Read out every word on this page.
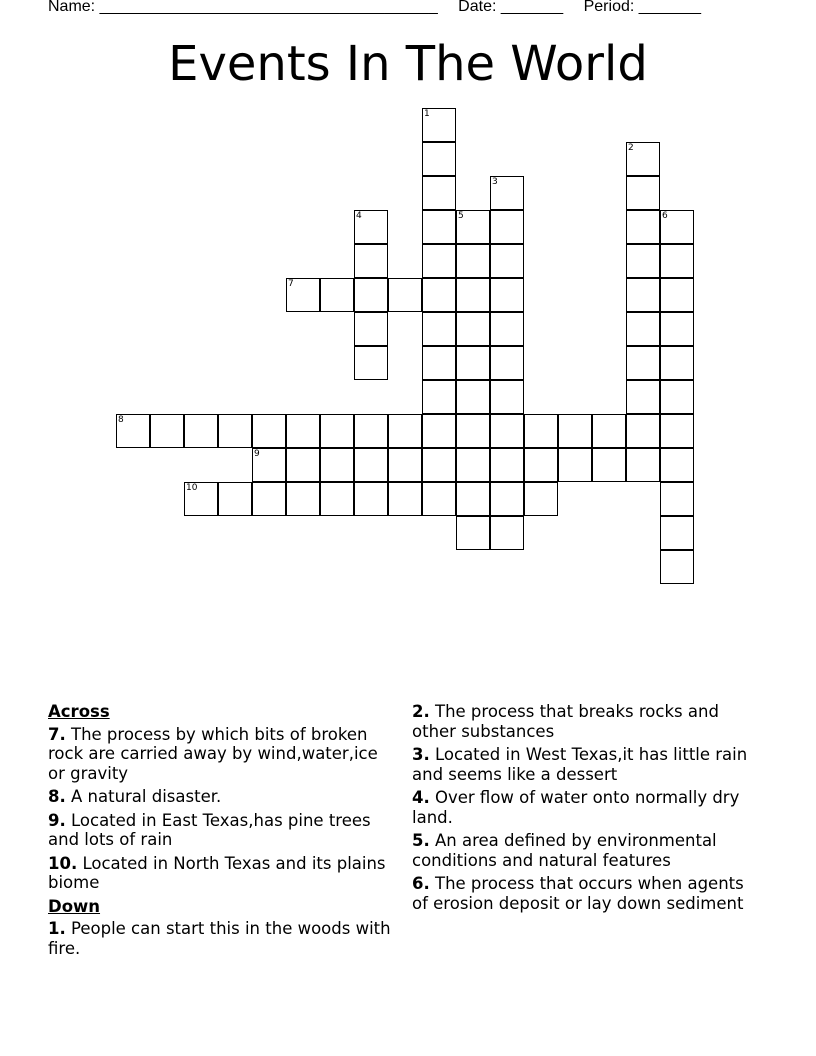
Name: ______________________________________ Date: _______ Period: _______
Events In The World
1
2
3
6
5
4
7
8
9
10
Across
7. The process by which bits of broken rock are carried away by wind,water,ice or gravity
8. A natural disaster.
9. Located in East Texas,has pine trees and lots of rain
10. Located in North Texas and its plains biome
Down
1. People can start this in the woods with fire.
2. The process that breaks rocks and other substances
3. Located in West Texas,it has little rain and seems like a dessert
4. Over flow of water onto normally dry land.
5. An area defined by environmental conditions and natural features
6. The process that occurs when agents of erosion deposit or lay down sediment
